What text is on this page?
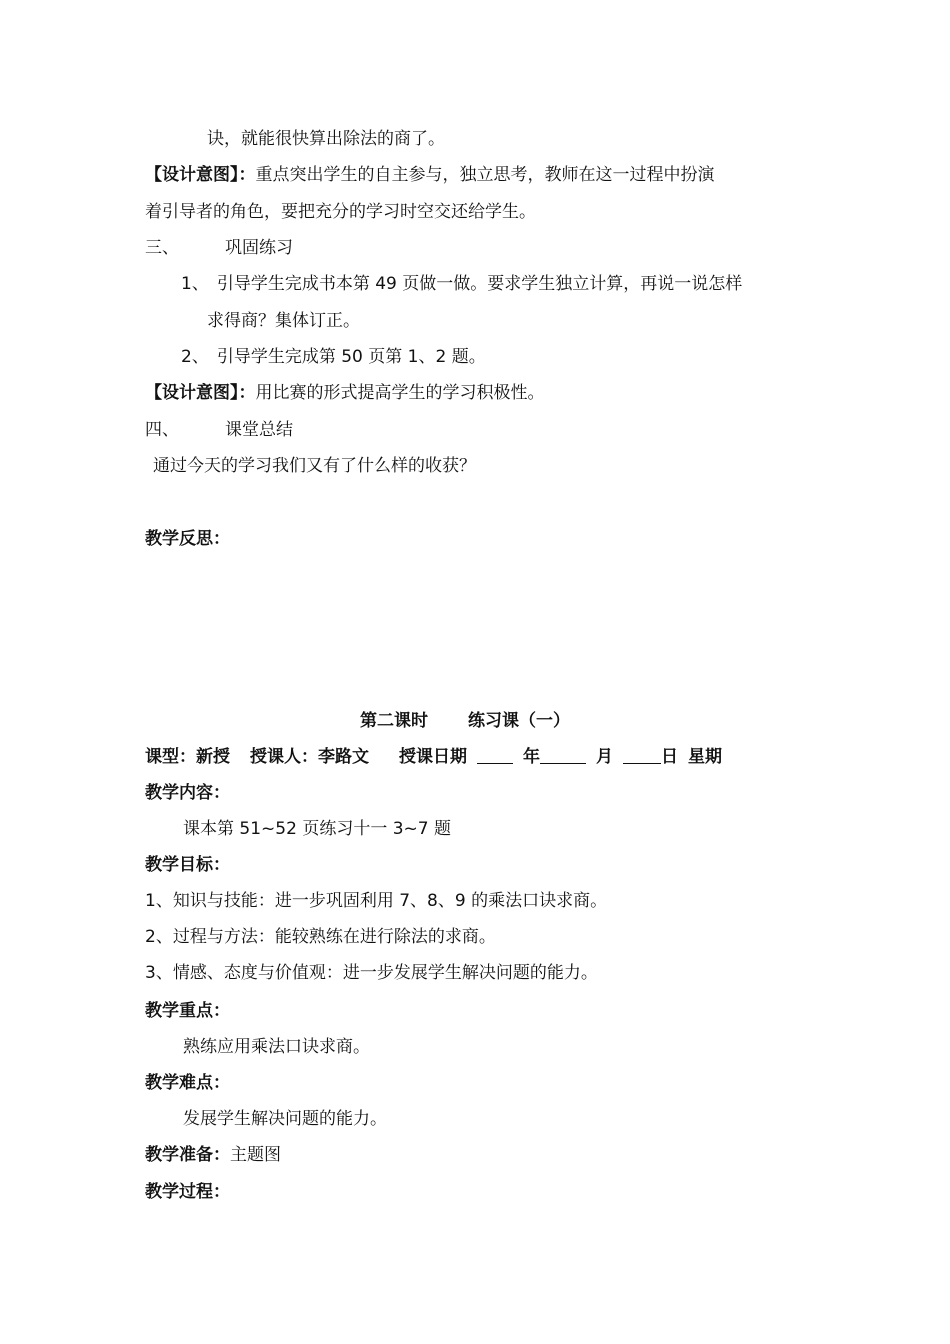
诀，就能很快算出除法的商了。
【设计意图】：重点突出学生的自主参与，独立思考，教师在这一过程中扮演
着引导者的角色，要把充分的学习时空交还给学生。
三、	巩固练习
1、 引导学生完成书本第 49 页做一做。要求学生独立计算，再说一说怎样
求得商？集体订正。
2、 引导学生完成第 50 页第 1、2 题。
【设计意图】：用比赛的形式提高学生的学习积极性。
四、	课堂总结
通过今天的学习我们又有了什么样的收获？
教学反思：
第二课时 练习课（一）
课型：新授 授课人：李路文 授课日期	年	月	日 星期
教学内容：
课本第 51~52 页练习十一 3~7 题
教学目标：
1、知识与技能：进一步巩固利用 7、8、9 的乘法口诀求商。
2、过程与方法：能较熟练在进行除法的求商。
3、情感、态度与价值观：进一步发展学生解决问题的能力。
教学重点：
熟练应用乘法口诀求商。
教学难点：
发展学生解决问题的能力。
教学准备：主题图
教学过程：
